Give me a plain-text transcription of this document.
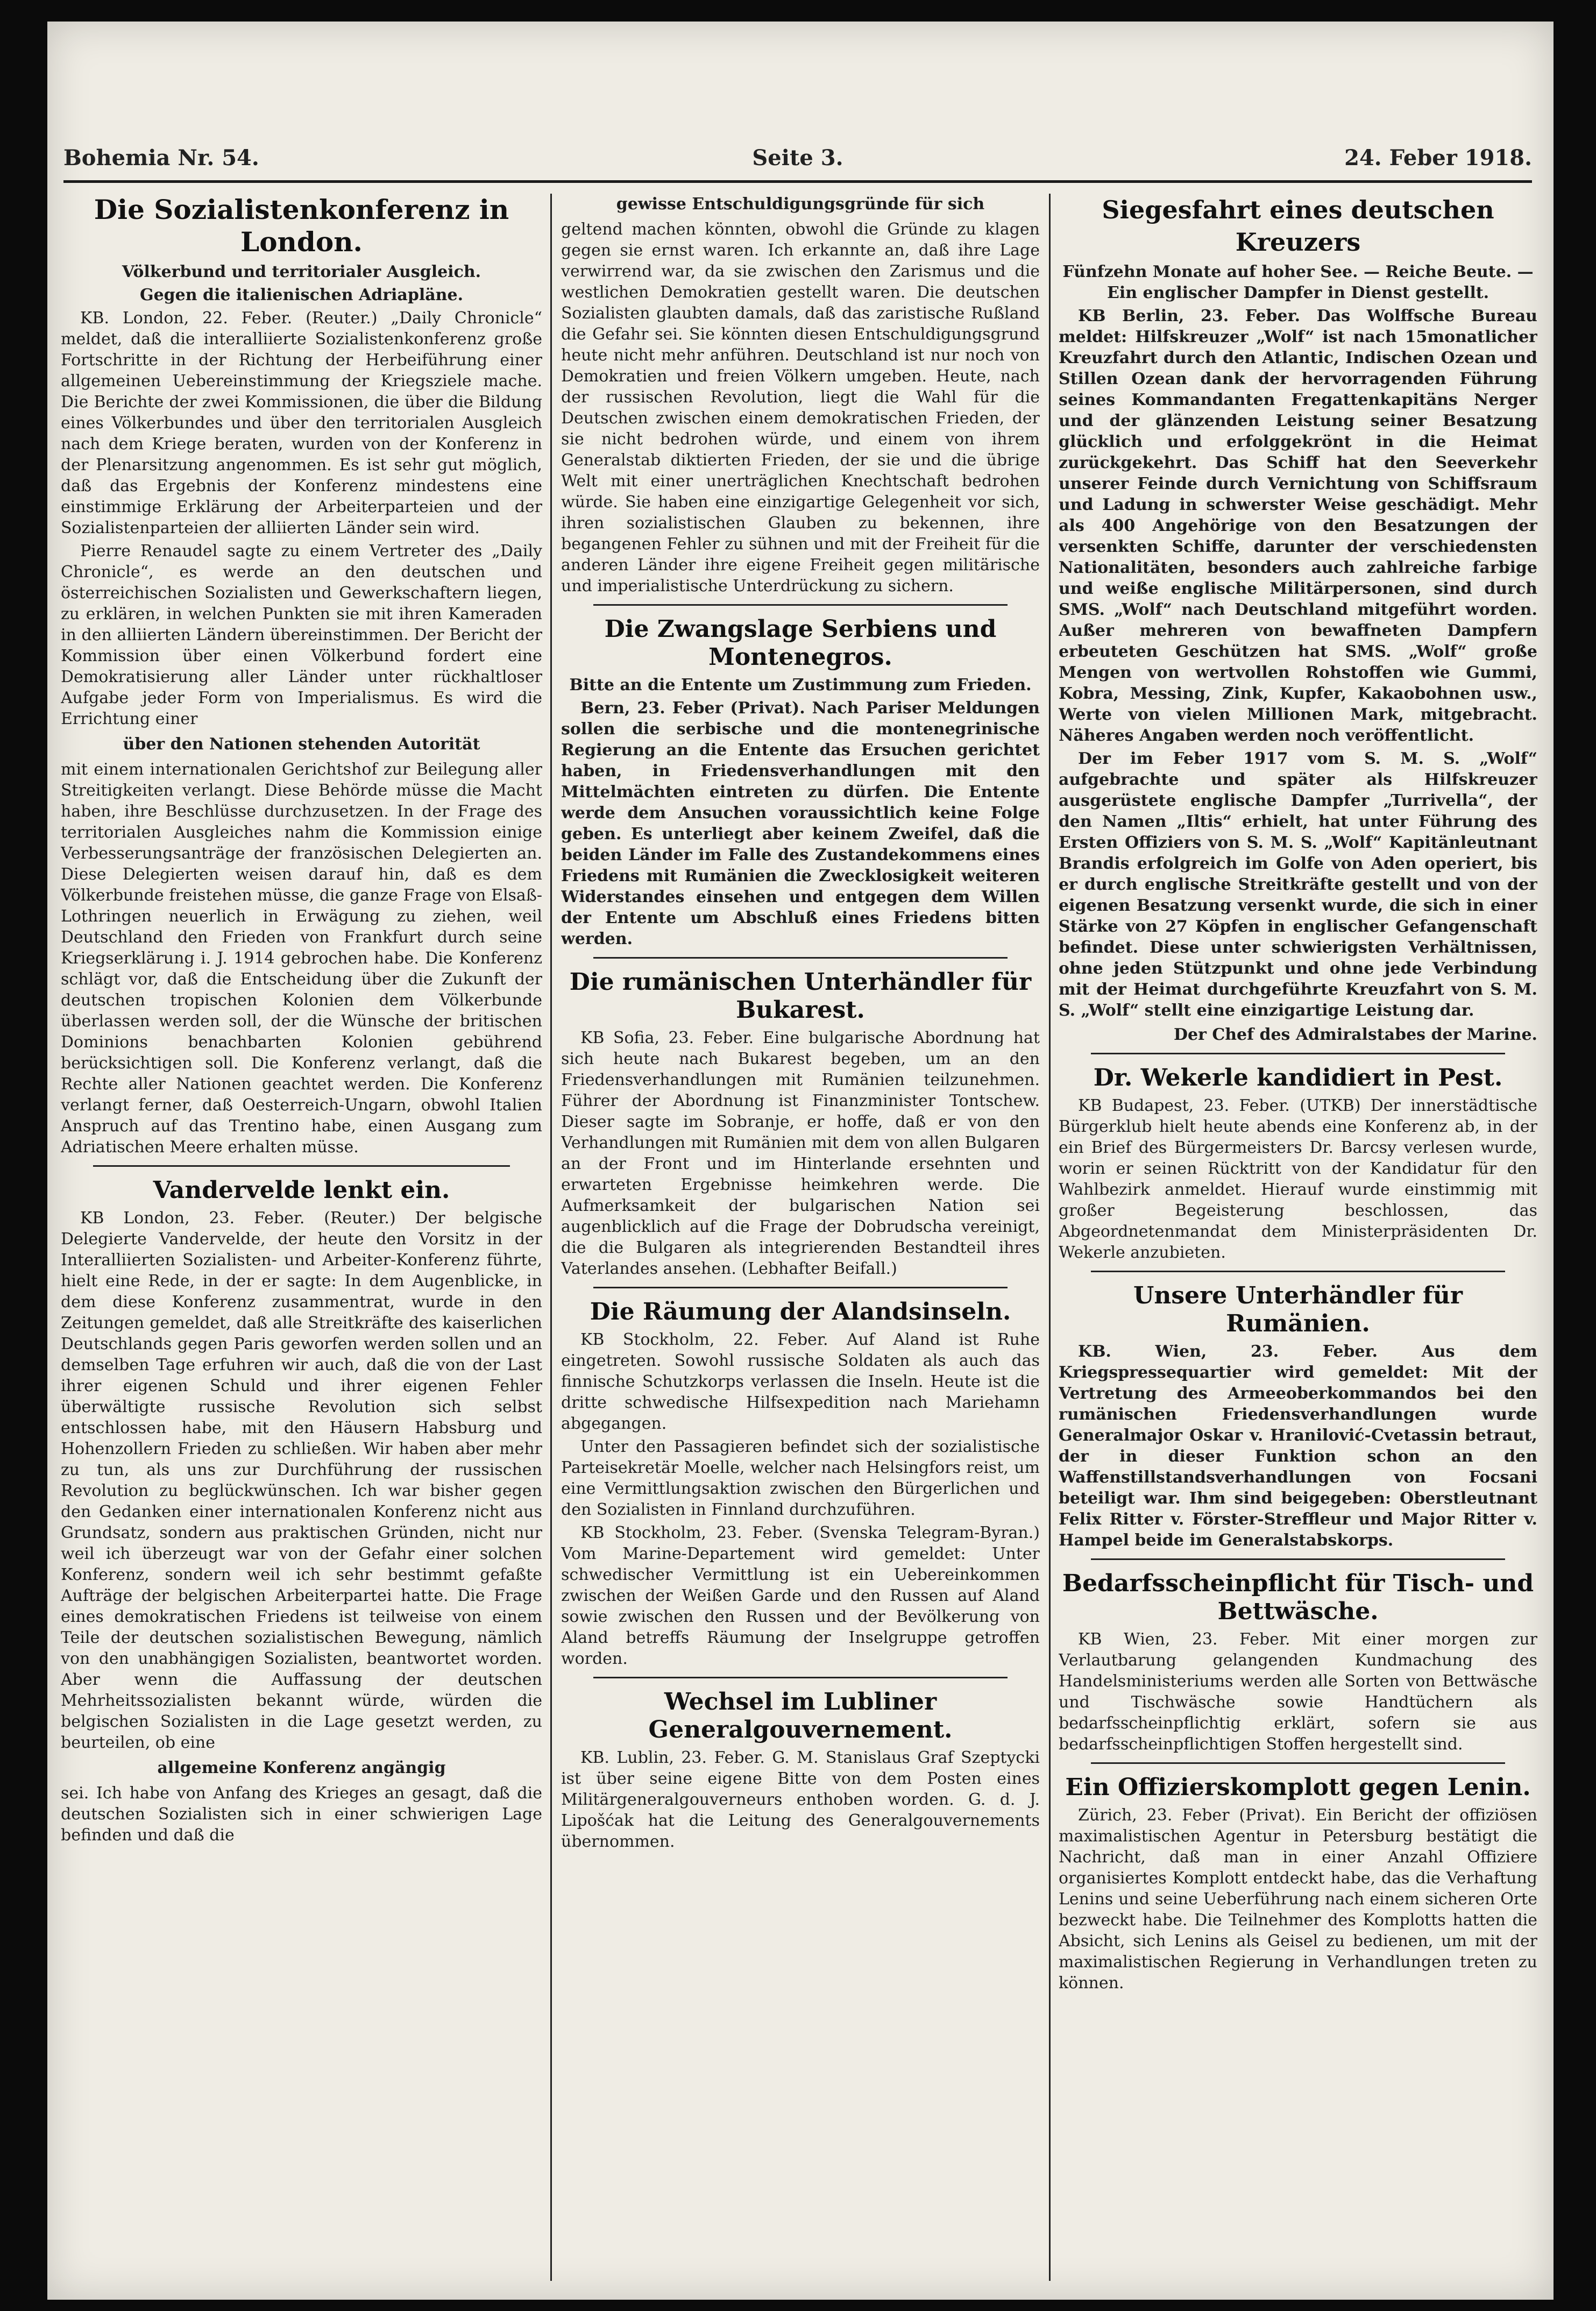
Bohemia Nr. 54.	Seite 3.	24. Feber 1918.
Die Sozialistenkonferenz in London.
Völkerbund und territorialer Ausgleich.
Gegen die italienischen Adriapläne.

KB. London, 22. Feber. (Reuter.) „Daily Chronicle“ meldet, daß die interalliierte Sozialistenkonferenz große Fortschritte in der Richtung der Herbeiführung einer allgemeinen Uebereinstimmung der Kriegsziele mache. Die Berichte der zwei Kommissionen, die über die Bildung eines Völkerbundes und über den territorialen Ausgleich nach dem Kriege beraten, wurden von der Konferenz in der Plenarsitzung angenommen. Es ist sehr gut möglich, daß das Ergebnis der Konferenz mindestens eine einstimmige Erklärung der Arbeiterparteien und der Sozialistenparteien der alliierten Länder sein wird.

Pierre Renaudel sagte zu einem Vertreter des „Daily Chronicle“, es werde an den deutschen und österreichischen Sozialisten und Gewerkschaftern liegen, zu erklären, in welchen Punkten sie mit ihren Kameraden in den alliierten Ländern übereinstimmen. Der Bericht der Kommission über einen Völkerbund fordert eine Demokratisierung aller Länder unter rückhaltloser Aufgabe jeder Form von Imperialismus. Es wird die Errichtung einer

über den Nationen stehenden Autorität

mit einem internationalen Gerichtshof zur Beilegung aller Streitigkeiten verlangt. Diese Behörde müsse die Macht haben, ihre Beschlüsse durchzusetzen. In der Frage des territorialen Ausgleiches nahm die Kommission einige Verbesserungsanträge der französischen Delegierten an. Diese Delegierten weisen darauf hin, daß es dem Völkerbunde freistehen müsse, die ganze Frage von Elsaß-Lothringen neuerlich in Erwägung zu ziehen, weil Deutschland den Frieden von Frankfurt durch seine Kriegserklärung i. J. 1914 gebrochen habe. Die Konferenz schlägt vor, daß die Entscheidung über die Zukunft der deutschen tropischen Kolonien dem Völkerbunde überlassen werden soll, der die Wünsche der britischen Dominions benachbarten Kolonien gebührend berücksichtigen soll. Die Konferenz verlangt, daß die Rechte aller Nationen geachtet werden. Die Konferenz verlangt ferner, daß Oesterreich-Ungarn, obwohl Italien Anspruch auf das Trentino habe, einen Ausgang zum Adriatischen Meere erhalten müsse.

Vandervelde lenkt ein.

KB London, 23. Feber. (Reuter.) Der belgische Delegierte Vandervelde, der heute den Vorsitz in der Interalliierten Sozialisten- und Arbeiter-Konferenz führte, hielt eine Rede, in der er sagte: In dem Augenblicke, in dem diese Konferenz zusammentrat, wurde in den Zeitungen gemeldet, daß alle Streitkräfte des kaiserlichen Deutschlands gegen Paris geworfen werden sollen und an demselben Tage erfuhren wir auch, daß die von der Last ihrer eigenen Schuld und ihrer eigenen Fehler überwältigte russische Revolution sich selbst entschlossen habe, mit den Häusern Habsburg und Hohenzollern Frieden zu schließen. Wir haben aber mehr zu tun, als uns zur Durchführung der russischen Revolution zu beglückwünschen. Ich war bisher gegen den Gedanken einer internationalen Konferenz nicht aus Grundsatz, sondern aus praktischen Gründen, nicht nur weil ich überzeugt war von der Gefahr einer solchen Konferenz, sondern weil ich sehr bestimmt gefaßte Aufträge der belgischen Arbeiterpartei hatte. Die Frage eines demokratischen Friedens ist teilweise von einem Teile der deutschen sozialistischen Bewegung, nämlich von den unabhängigen Sozialisten, beantwortet worden. Aber wenn die Auffassung der deutschen Mehrheitssozialisten bekannt würde, würden die belgischen Sozialisten in die Lage gesetzt werden, zu beurteilen, ob eine

allgemeine Konferenz angängig

sei. Ich habe von Anfang des Krieges an gesagt, daß die deutschen Sozialisten sich in einer schwierigen Lage befinden und daß die

gewisse Entschuldigungsgründe für sich

geltend machen könnten, obwohl die Gründe zu klagen gegen sie ernst waren. Ich erkannte an, daß ihre Lage verwirrend war, da sie zwischen den Zarismus und die westlichen Demokratien gestellt waren. Die deutschen Sozialisten glaubten damals, daß das zaristische Rußland die Gefahr sei. Sie könnten diesen Entschuldigungsgrund heute nicht mehr anführen. Deutschland ist nur noch von Demokratien und freien Völkern umgeben. Heute, nach der russischen Revolution, liegt die Wahl für die Deutschen zwischen einem demokratischen Frieden, der sie nicht bedrohen würde, und einem von ihrem Generalstab diktierten Frieden, der sie und die übrige Welt mit einer unerträglichen Knechtschaft bedrohen würde. Sie haben eine einzigartige Gelegenheit vor sich, ihren sozialistischen Glauben zu bekennen, ihre begangenen Fehler zu sühnen und mit der Freiheit für die anderen Länder ihre eigene Freiheit gegen militärische und imperialistische Unterdrückung zu sichern.

Die Zwangslage Serbiens und Montenegros.
Bitte an die Entente um Zustimmung zum Frieden.

Bern, 23. Feber (Privat). Nach Pariser Meldungen sollen die serbische und die montenegrinische Regierung an die Entente das Ersuchen gerichtet haben, in Friedensverhandlungen mit den Mittelmächten eintreten zu dürfen. Die Entente werde dem Ansuchen voraussichtlich keine Folge geben. Es unterliegt aber keinem Zweifel, daß die beiden Länder im Falle des Zustandekommens eines Friedens mit Rumänien die Zwecklosigkeit weiteren Widerstandes einsehen und entgegen dem Willen der Entente um Abschluß eines Friedens bitten werden.

Die rumänischen Unterhändler für Bukarest.

KB Sofia, 23. Feber. Eine bulgarische Abordnung hat sich heute nach Bukarest begeben, um an den Friedensverhandlungen mit Rumänien teilzunehmen. Führer der Abordnung ist Finanzminister Tontschew. Dieser sagte im Sobranje, er hoffe, daß er von den Verhandlungen mit Rumänien mit dem von allen Bulgaren an der Front und im Hinterlande ersehnten und erwarteten Ergebnisse heimkehren werde. Die Aufmerksamkeit der bulgarischen Nation sei augenblicklich auf die Frage der Dobrudscha vereinigt, die die Bulgaren als integrierenden Bestandteil ihres Vaterlandes ansehen. (Lebhafter Beifall.)

Die Räumung der Alandsinseln.

KB Stockholm, 22. Feber. Auf Aland ist Ruhe eingetreten. Sowohl russische Soldaten als auch das finnische Schutzkorps verlassen die Inseln. Heute ist die dritte schwedische Hilfsexpedition nach Mariehamn abgegangen.

Unter den Passagieren befindet sich der sozialistische Parteisekretär Moelle, welcher nach Helsingfors reist, um eine Vermittlungsaktion zwischen den Bürgerlichen und den Sozialisten in Finnland durchzuführen.

KB Stockholm, 23. Feber. (Svenska Telegram-Byran.) Vom Marine-Departement wird gemeldet: Unter schwedischer Vermittlung ist ein Uebereinkommen zwischen der Weißen Garde und den Russen auf Aland sowie zwischen den Russen und der Bevölkerung von Aland betreffs Räumung der Inselgruppe getroffen worden.

Wechsel im Lubliner Generalgouvernement.

KB. Lublin, 23. Feber. G. M. Stanislaus Graf Szeptycki ist über seine eigene Bitte von dem Posten eines Militärgeneralgouverneurs enthoben worden. G. d. J. Lipošćak hat die Leitung des Generalgouvernements übernommen.

Siegesfahrt eines deutschen Kreuzers
Fünfzehn Monate auf hoher See. — Reiche Beute. — Ein englischer Dampfer in Dienst gestellt.

KB Berlin, 23. Feber. Das Wolffsche Bureau meldet: Hilfskreuzer „Wolf“ ist nach 15monatlicher Kreuzfahrt durch den Atlantic, Indischen Ozean und Stillen Ozean dank der hervorragenden Führung seines Kommandanten Fregattenkapitäns Nerger und der glänzenden Leistung seiner Besatzung glücklich und erfolggekrönt in die Heimat zurückgekehrt. Das Schiff hat den Seeverkehr unserer Feinde durch Vernichtung von Schiffsraum und Ladung in schwerster Weise geschädigt. Mehr als 400 Angehörige von den Besatzungen der versenkten Schiffe, darunter der verschiedensten Nationalitäten, besonders auch zahlreiche farbige und weiße englische Militärpersonen, sind durch SMS. „Wolf“ nach Deutschland mitgeführt worden. Außer mehreren von bewaffneten Dampfern erbeuteten Geschützen hat SMS. „Wolf“ große Mengen von wertvollen Rohstoffen wie Gummi, Kobra, Messing, Zink, Kupfer, Kakaobohnen usw., Werte von vielen Millionen Mark, mitgebracht. Näheres Angaben werden noch veröffentlicht.

Der im Feber 1917 vom S. M. S. „Wolf“ aufgebrachte und später als Hilfskreuzer ausgerüstete englische Dampfer „Turrivella“, der den Namen „Iltis“ erhielt, hat unter Führung des Ersten Offiziers von S. M. S. „Wolf“ Kapitänleutnant Brandis erfolgreich im Golfe von Aden operiert, bis er durch englische Streitkräfte gestellt und von der eigenen Besatzung versenkt wurde, die sich in einer Stärke von 27 Köpfen in englischer Gefangenschaft befindet. Diese unter schwierigsten Verhältnissen, ohne jeden Stützpunkt und ohne jede Verbindung mit der Heimat durchgeführte Kreuzfahrt von S. M. S. „Wolf“ stellt eine einzigartige Leistung dar.

Der Chef des Admiralstabes der Marine.
Dr. Wekerle kandidiert in Pest.

KB Budapest, 23. Feber. (UTKB) Der innerstädtische Bürgerklub hielt heute abends eine Konferenz ab, in der ein Brief des Bürgermeisters Dr. Barcsy verlesen wurde, worin er seinen Rücktritt von der Kandidatur für den Wahlbezirk anmeldet. Hierauf wurde einstimmig mit großer Begeisterung beschlossen, das Abgeordnetenmandat dem Ministerpräsidenten Dr. Wekerle anzubieten.

Unsere Unterhändler für Rumänien.

KB. Wien, 23. Feber. Aus dem Kriegspressequartier wird gemeldet: Mit der Vertretung des Armeeoberkommandos bei den rumänischen Friedensverhandlungen wurde Generalmajor Oskar v. Hranilović-Cvetassin betraut, der in dieser Funktion schon an den Waffenstillstandsverhandlungen von Focsani beteiligt war. Ihm sind beigegeben: Oberstleutnant Felix Ritter v. Förster-Streffleur und Major Ritter v. Hampel beide im Generalstabskorps.

Bedarfsscheinpflicht für Tisch- und Bettwäsche.

KB Wien, 23. Feber. Mit einer morgen zur Verlautbarung gelangenden Kundmachung des Handelsministeriums werden alle Sorten von Bettwäsche und Tischwäsche sowie Handtüchern als bedarfsscheinpflichtig erklärt, sofern sie aus bedarfsscheinpflichtigen Stoffen hergestellt sind.

Ein Offizierskomplott gegen Lenin.

Zürich, 23. Feber (Privat). Ein Bericht der offiziösen maximalistischen Agentur in Petersburg bestätigt die Nachricht, daß man in einer Anzahl Offiziere organisiertes Komplott entdeckt habe, das die Verhaftung Lenins und seine Ueberführung nach einem sicheren Orte bezweckt habe. Die Teilnehmer des Komplotts hatten die Absicht, sich Lenins als Geisel zu bedienen, um mit der maximalistischen Regierung in Verhandlungen treten zu können.
